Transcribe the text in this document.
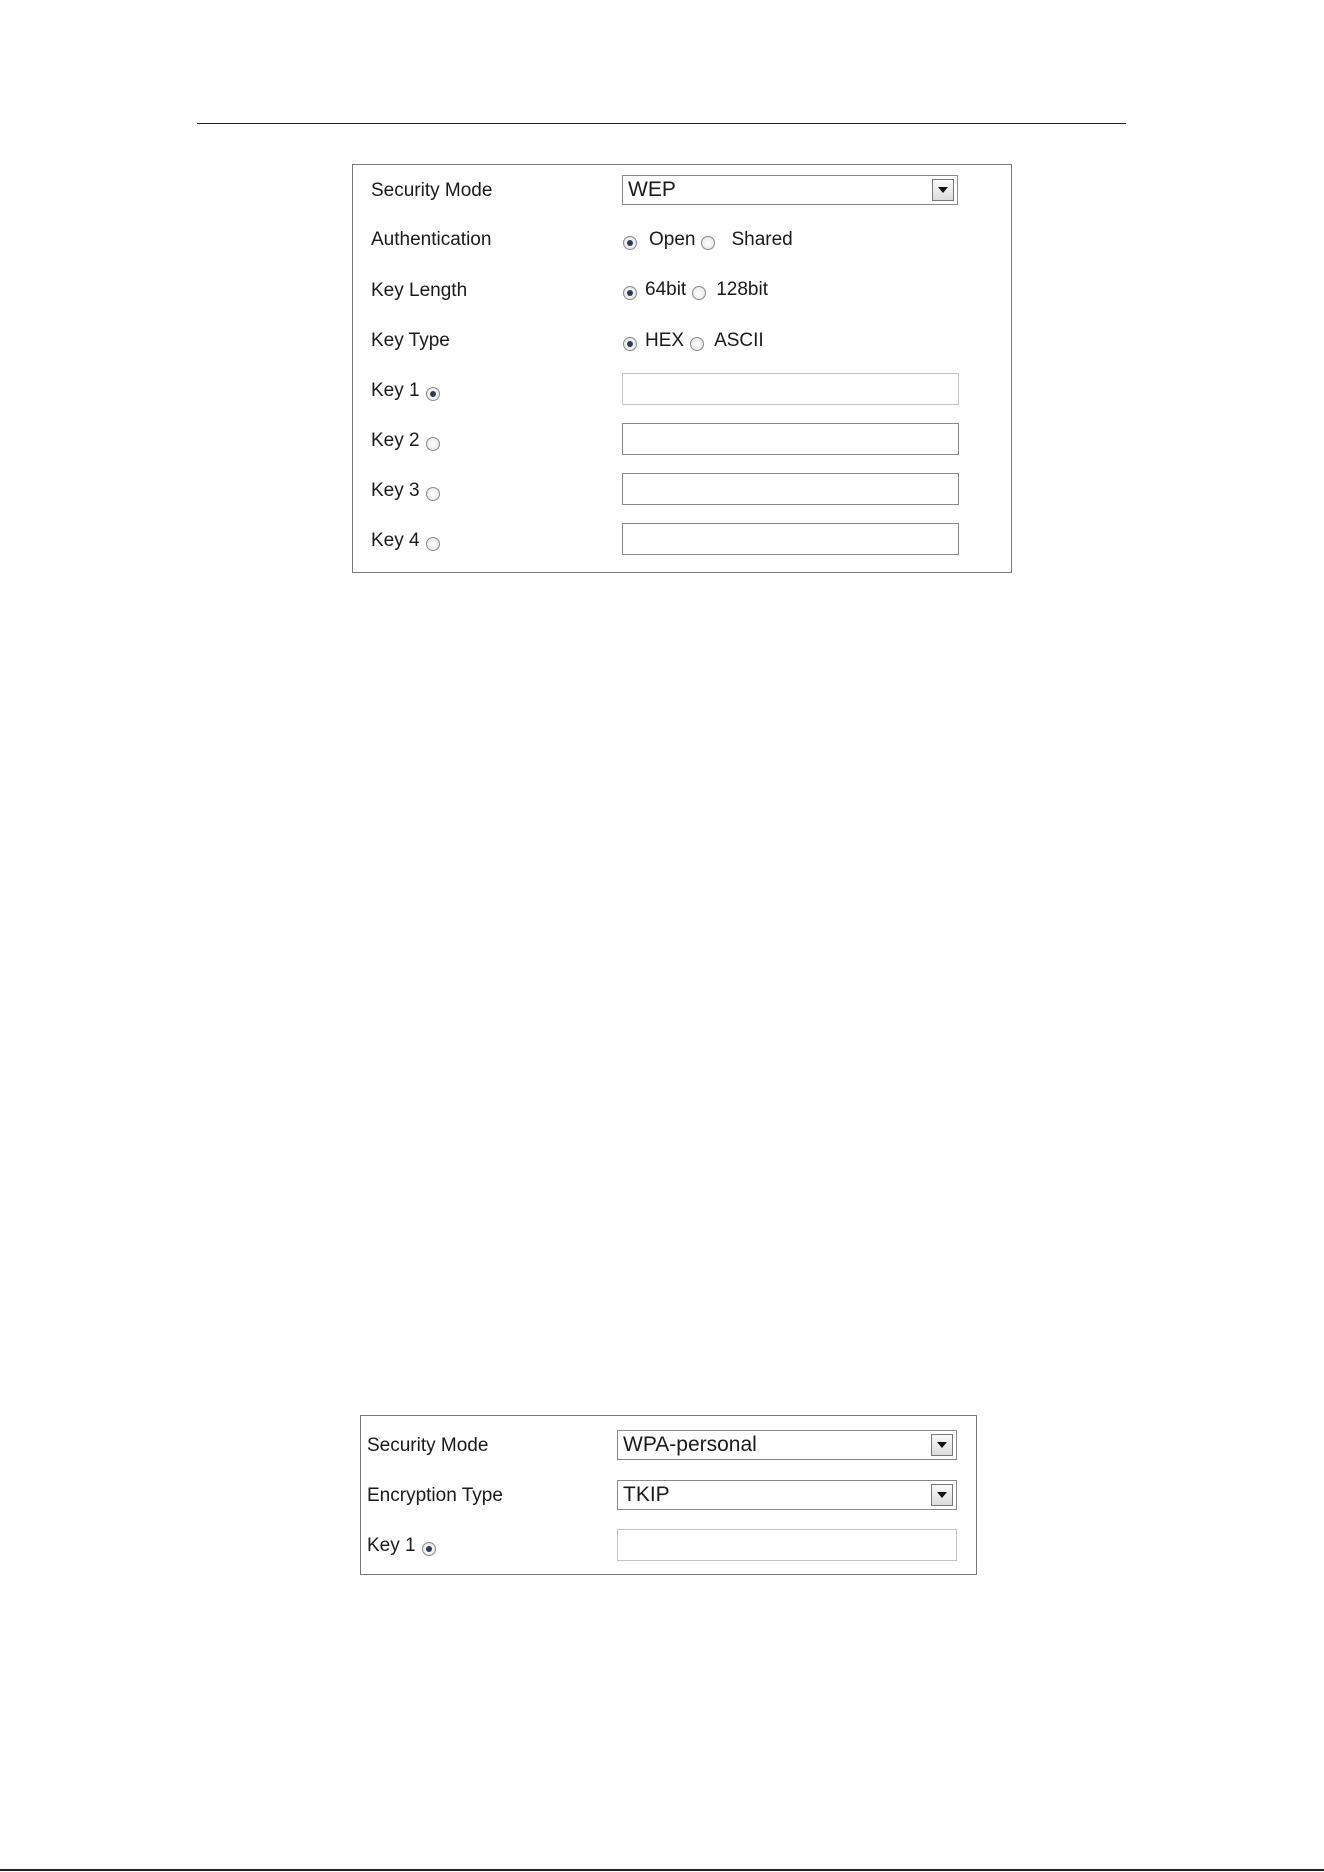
Security Mode	WEP
Authentication	Open Shared
Key Length	64bit 128bit
Key Type	HEX ASCII
Key 1
Key 2
Key 3
Key 4
Security Mode	WPA-personal
Encryption Type	TKIP
Key 1
